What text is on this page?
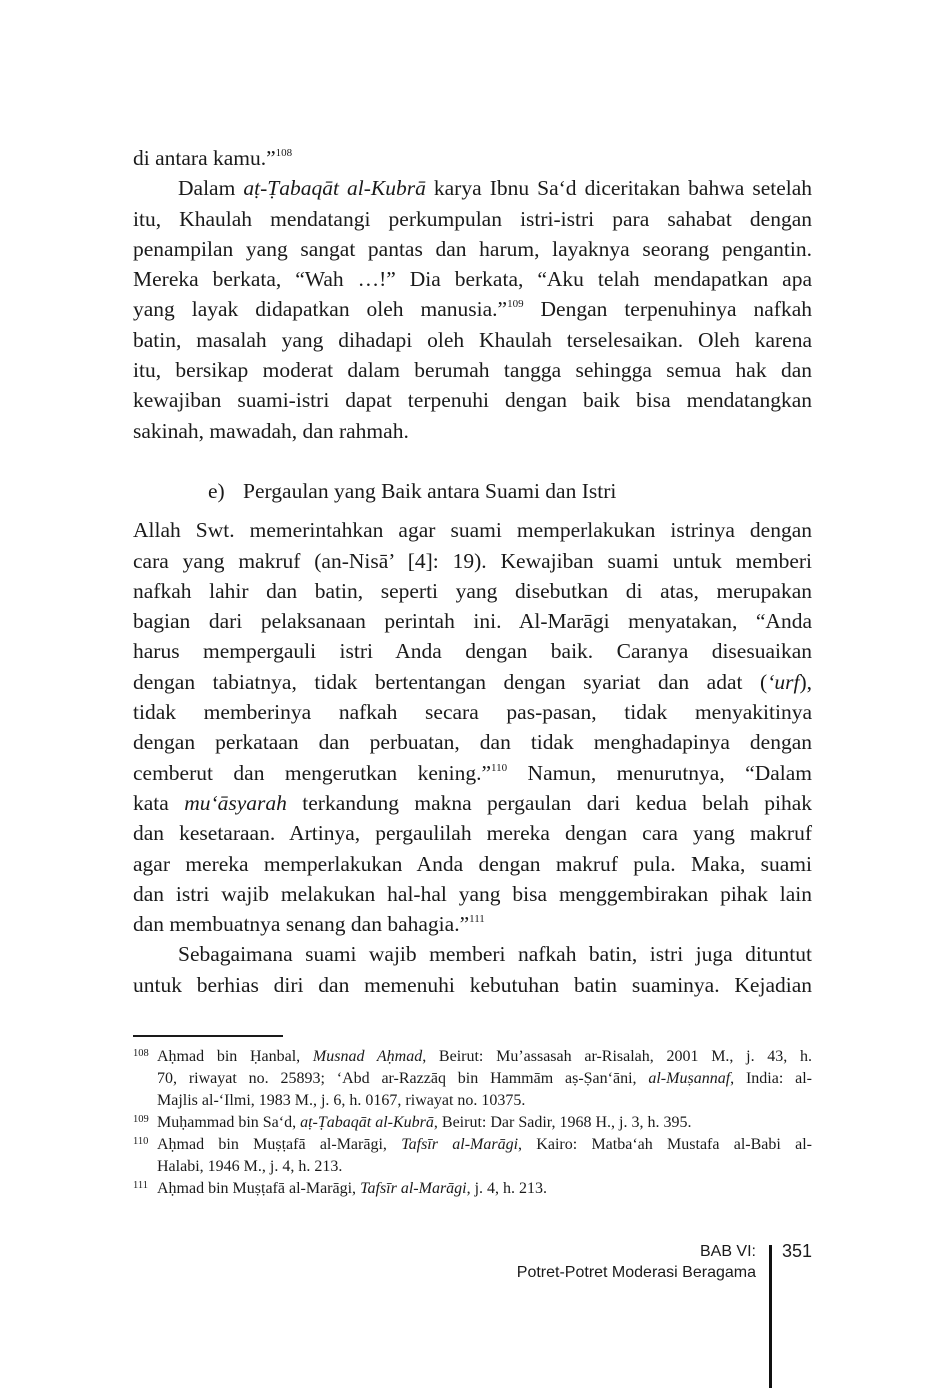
di antara kamu.”$^{108}$
Dalam aṭ-Ṭabaqāt al-Kubrā karya Ibnu Sa‘d diceritakan bahwa setelah
itu, Khaulah mendatangi perkumpulan istri-istri para sahabat dengan
penampilan yang sangat pantas dan harum, layaknya seorang pengantin.
Mereka berkata, “Wah …!” Dia berkata, “Aku telah mendapatkan apa
yang layak didapatkan oleh manusia.”$^{109}$ Dengan terpenuhinya nafkah
batin, masalah yang dihadapi oleh Khaulah terselesaikan. Oleh karena
itu, bersikap moderat dalam berumah tangga sehingga semua hak dan
kewajiban suami-istri dapat terpenuhi dengan baik bisa mendatangkan
sakinah, mawadah, dan rahmah.
e) Pergaulan yang Baik antara Suami dan Istri
Allah Swt. memerintahkan agar suami memperlakukan istrinya dengan
cara yang makruf (an-Nisā’ [4]: 19). Kewajiban suami untuk memberi
nafkah lahir dan batin, seperti yang disebutkan di atas, merupakan
bagian dari pelaksanaan perintah ini. Al-Marāgi menyatakan, “Anda
harus mempergauli istri Anda dengan baik. Caranya disesuaikan
dengan tabiatnya, tidak bertentangan dengan syariat dan adat (‘urf),
tidak memberinya nafkah secara pas-pasan, tidak menyakitinya
dengan perkataan dan perbuatan, dan tidak menghadapinya dengan
cemberut dan mengerutkan kening.”$^{110}$ Namun, menurutnya, “Dalam
kata mu‘āsyarah terkandung makna pergaulan dari kedua belah pihak
dan kesetaraan. Artinya, pergaulilah mereka dengan cara yang makruf
agar mereka memperlakukan Anda dengan makruf pula. Maka, suami
dan istri wajib melakukan hal-hal yang bisa menggembirakan pihak lain
dan membuatnya senang dan bahagia.”$^{111}$
Sebagaimana suami wajib memberi nafkah batin, istri juga dituntut
untuk berhias diri dan memenuhi kebutuhan batin suaminya. Kejadian
108 Aḥmad bin Ḥanbal, Musnad Aḥmad, Beirut: Mu’assasah ar-Risalah, 2001 M., j. 43, h.
70, riwayat no. 25893; ‘Abd ar-Razzāq bin Hammām aṣ-Ṣan‘āni, al-Muṣannaf, India: al-
Majlis al-‘Ilmi, 1983 M., j. 6, h. 0167, riwayat no. 10375.
109 Muḥammad bin Sa‘d, aṭ-Ṭabaqāt al-Kubrā, Beirut: Dar Sadir, 1968 H., j. 3, h. 395.
110 Aḥmad bin Muṣṭafā al-Marāgi, Tafsīr al-Marāgi, Kairo: Matba‘ah Mustafa al-Babi al-
Halabi, 1946 M., j. 4, h. 213.
111 Aḥmad bin Muṣṭafā al-Marāgi, Tafsīr al-Marāgi, j. 4, h. 213.
BAB VI:
Potret-Potret Moderasi Beragama
351
